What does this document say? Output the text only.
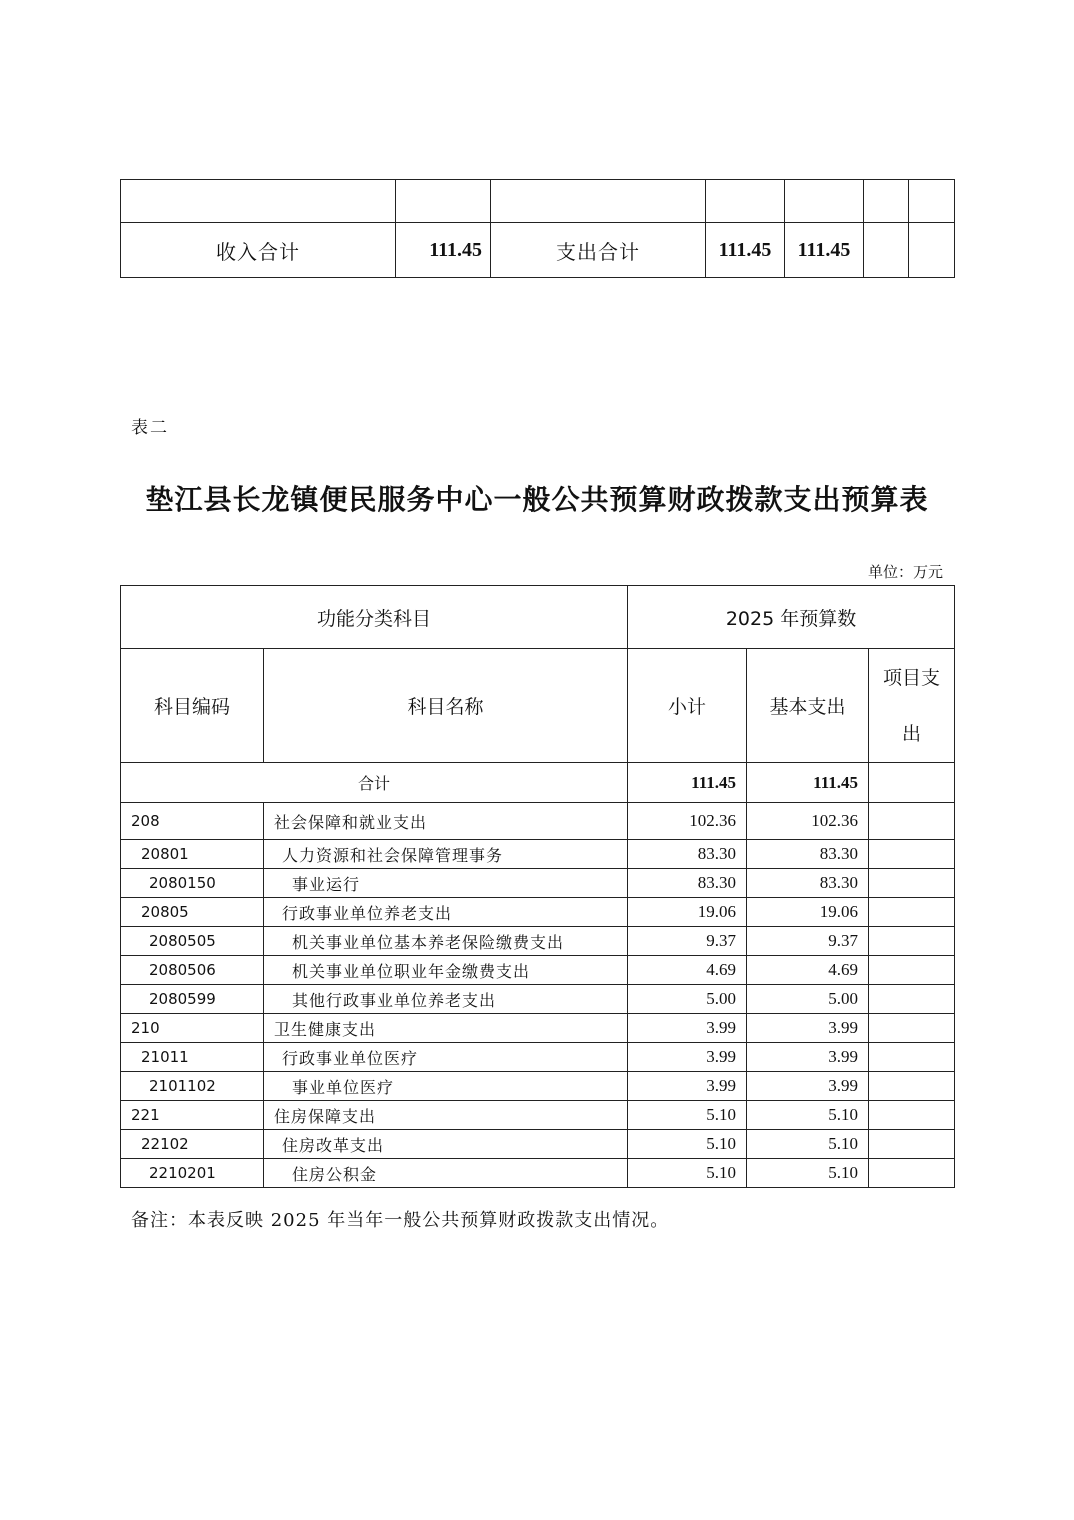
收入合计	111.45	支出合计	111.45	111.45		
表二
垫江县长龙镇便民服务中心一般公共预算财政拨款支出预算表
单位：万元
功能分类科目		2025 年预算数		
科目编码	科目名称	小计	基本支出	项目支
出
合计		111.45	111.45	
208	社会保障和就业支出	102.36	102.36	
20801	人力资源和社会保障管理事务	83.30	83.30	
2080150	事业运行	83.30	83.30	
20805	行政事业单位养老支出	19.06	19.06	
2080505	机关事业单位基本养老保险缴费支出	9.37	9.37	
2080506	机关事业单位职业年金缴费支出	4.69	4.69	
2080599	其他行政事业单位养老支出	5.00	5.00	
210	卫生健康支出	3.99	3.99	
21011	行政事业单位医疗	3.99	3.99	
2101102	事业单位医疗	3.99	3.99	
221	住房保障支出	5.10	5.10	
22102	住房改革支出	5.10	5.10	
2210201	住房公积金	5.10	5.10	
备注：本表反映 2025 年当年一般公共预算财政拨款支出情况。
